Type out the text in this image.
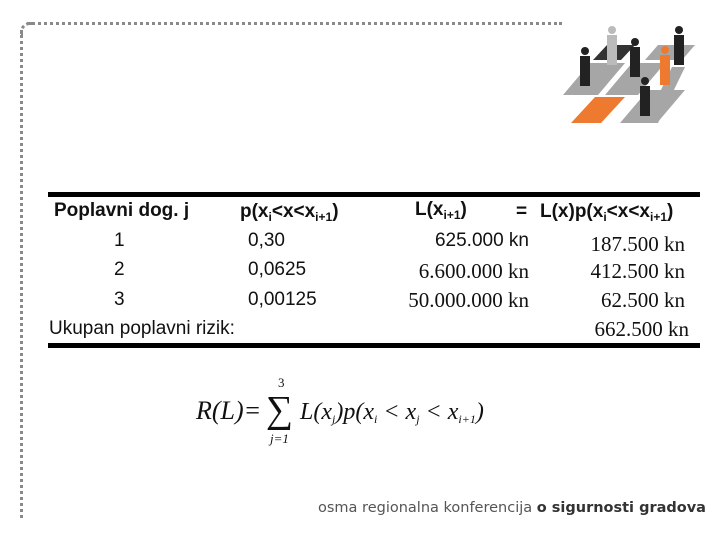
Poplavni dog. j	$p(x_i<x<x_{i+1})$	$L(x_{i+1})$	= $L(x)p(x_i<x<x_{i+1})$
1	0,30	625.000 kn	187.500 kn
2	0,0625	6.600.000 kn	412.500 kn
3	0,00125	50.000.000 kn	62.500 kn
Ukupan poplavni rizik:	662.500 kn
R(L)=
3
∑
j=1
$L(x_j)p(x_i < x_j < x_{i+1})$
osma regionalna konferencija o sigurnosti gradova
